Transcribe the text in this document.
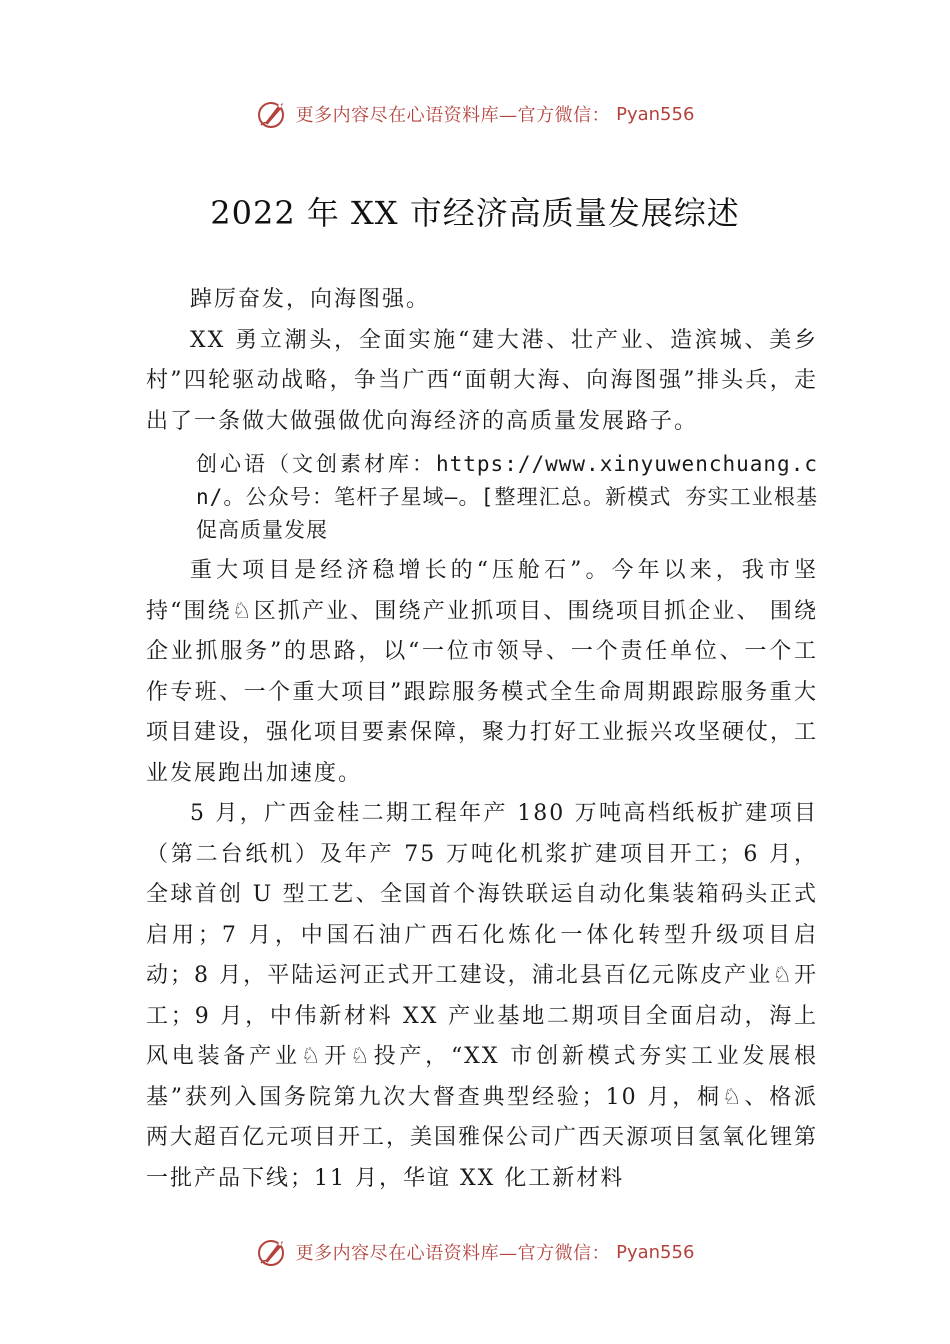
更多内容尽在心语资料库—官方微信： Pyan556
2022 年 XX 市经济高质量发展综述

踔厉奋发，向海图强。

XX 勇立潮头，全面实施“建大港、壮产业、造滨城、美乡村”四轮驱动战略，争当广西“面朝大海、向海图强”排头兵，走出了一条做大做强做优向海经济的高质量发展路子。

创心语（文创素材库：https://www.xinyuwenchuang.cn/。公众号：笔杆子星域—。[整理汇总。新模式 夯实工业根基促高质量发展

重大项目是经济稳增长的“压舱石”。今年以来，我市坚持“围绕♘区抓产业、围绕产业抓项目、围绕项目抓企业、 围绕企业抓服务”的思路，以“一位市领导、一个责任单位、一个工作专班、一个重大项目”跟踪服务模式全生命周期跟踪服务重大项目建设，强化项目要素保障，聚力打好工业振兴攻坚硬仗，工业发展跑出加速度。

5 月，广西金桂二期工程年产 180 万吨高档纸板扩建项目（第二台纸机）及年产 75 万吨化机浆扩建项目开工；6 月，全球首创 U 型工艺、全国首个海铁联运自动化集装箱码头正式启用；7 月，中国石油广西石化炼化一体化转型升级项目启动；8 月，平陆运河正式开工建设，浦北县百亿元陈皮产业♘开工；9 月，中伟新材料 XX 产业基地二期项目全面启动，海上风电装备产业♘开♘投产，“XX 市创新模式夯实工业发展根基”获列入国务院第九次大督查典型经验；10 月，桐♘、格派两大超百亿元项目开工，美国雅保公司广西天源项目氢氧化锂第一批产品下线；11 月，华谊 XX 化工新材料

更多内容尽在心语资料库—官方微信： Pyan556
